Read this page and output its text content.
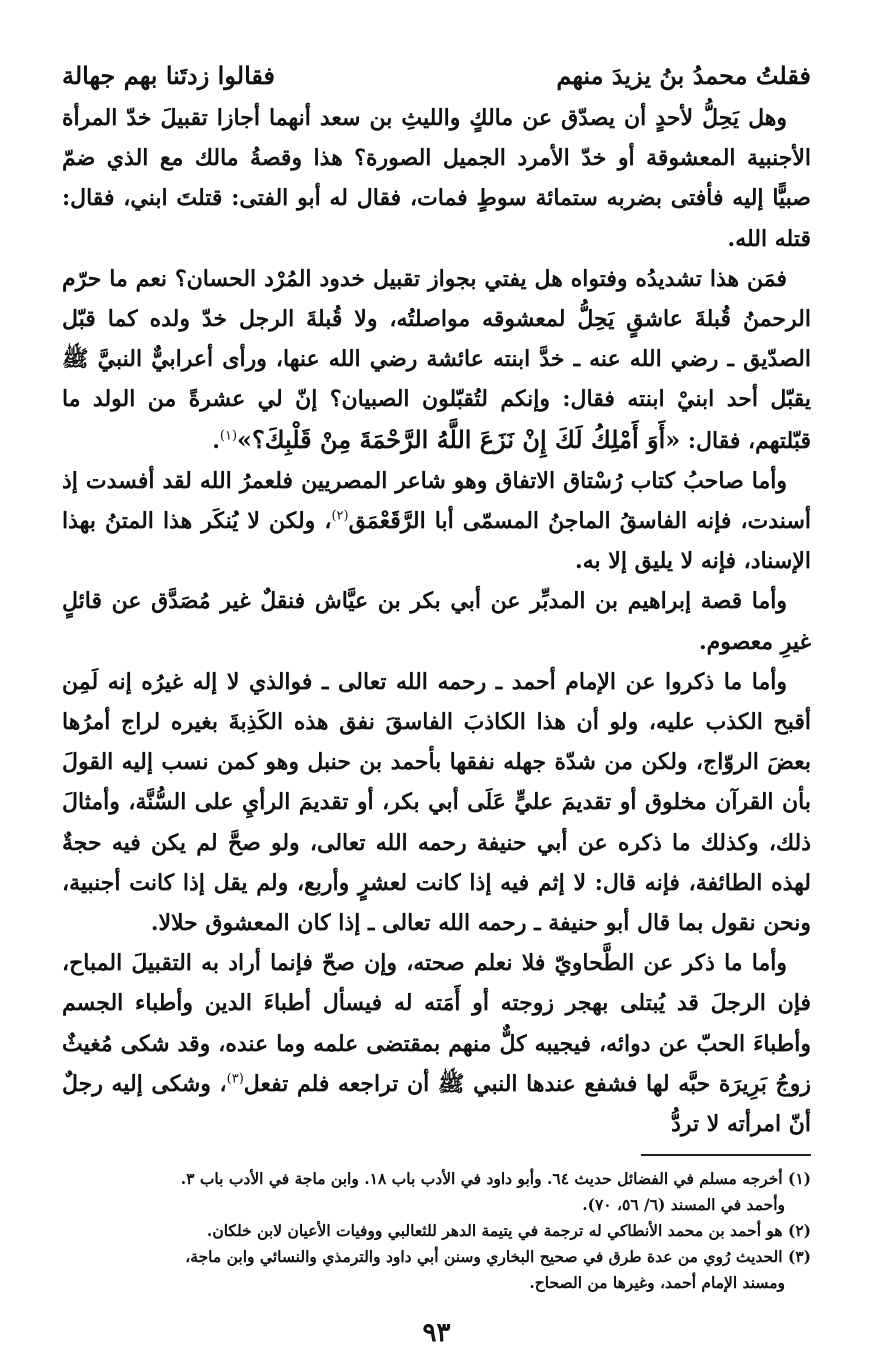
فقلتُ محمدُ بنُ يزيدَ منهم
فقالوا زدتَنا بهم جهالة

وهل يَحِلُّ لأحدٍ أن يصدّق عن مالكٍ والليثِ بن سعد أنهما أجازا تقبيلَ خدّ المرأة الأجنبية المعشوقة أو خدّ الأمرد الجميل الصورة؟ هذا وقصةُ مالك مع الذي ضمّ صبيًّا إليه فأفتى بضربه ستمائة سوطٍ فمات، فقال له أبو الفتى: قتلتَ ابني، فقال: قتله الله.

فمَن هذا تشديدُه وفتواه هل يفتي بجواز تقبيل خدود المُرْد الحسان؟ نعم ما حرّم الرحمنُ قُبلةَ عاشقٍ يَحِلُّ لمعشوقه مواصلتُه، ولا قُبلةَ الرجل خدّ ولده كما قبّل الصدّيق ـ رضي الله عنه ـ خدَّ ابنته عائشة رضي الله عنها، ورأى أعرابيٌّ النبيَّ ﷺ يقبّل أحد ابنيْ ابنته فقال: وإنكم لتُقبّلون الصبيان؟ إنّ لي عشرةً من الولد ما قبّلتهم، فقال: «أَوَ أَمْلِكُ لَكَ إِنْ نَزَعَ اللَّهُ الرَّحْمَةَ مِنْ قَلْبِكَ؟»$^{(١)}$.

وأما صاحبُ كتاب رُسْتاق الاتفاق وهو شاعر المصريين فلعمرُ الله لقد أفسدت إذ أسندت، فإنه الفاسقُ الماجنُ المسمّى أبا الرَّقَعْمَق$^{(٢)}$، ولكن لا يُنكَر هذا المتنُ بهذا الإسناد، فإنه لا يليق إلا به.

وأما قصة إبراهيم بن المدبِّر عن أبي بكر بن عيَّاش فنقلٌ غير مُصَدَّق عن قائلٍ غيرِ معصوم.

وأما ما ذكروا عن الإمام أحمد ـ رحمه الله تعالى ـ فوالذي لا إله غيرُه إنه لَمِن أقبح الكذب عليه، ولو أن هذا الكاذبَ الفاسقَ نفق هذه الكَذِبةَ بغيره لراج أمرُها بعضَ الروّاج، ولكن من شدّة جهله نفقها بأحمد بن حنبل وهو كمن نسب إليه القولَ بأن القرآن مخلوق أو تقديمَ عليٍّ عَلَى أبي بكر، أو تقديمَ الرأيِ على السُّنَّة، وأمثالَ ذلك، وكذلك ما ذكره عن أبي حنيفة رحمه الله تعالى، ولو صحَّ لم يكن فيه حجةٌ لهذه الطائفة، فإنه قال: لا إثم فيه إذا كانت لعشرٍ وأربع، ولم يقل إذا كانت أجنبية، ونحن نقول بما قال أبو حنيفة ـ رحمه الله تعالى ـ إذا كان المعشوق حلالا.

وأما ما ذكر عن الطَّحاويّ فلا نعلم صحته، وإن صحّ فإنما أراد به التقبيلَ المباح، فإن الرجلَ قد يُبتلى بهجر زوجته أو أَمَته له فيسأل أطباءَ الدين وأطباء الجسم وأطباءَ الحبّ عن دوائه، فيجيبه كلٌّ منهم بمقتضى علمه وما عنده، وقد شكى مُغيثٌ زوجُ بَرِيرَة حبَّه لها فشفع عندها النبي ﷺ أن تراجعه فلم تفعل$^{(٣)}$، وشكى إليه رجلٌ أنّ امرأته لا تردُّ

(١) أخرجه مسلم في الفضائل حديث ٦٤. وأبو داود في الأدب باب ١٨. وابن ماجة في الأدب باب ٣.

وأحمد في المسند (٦/ ٥٦، ٧٠).

(٢) هو أحمد بن محمد الأنطاكي له ترجمة في يتيمة الدهر للثعالبي ووفيات الأعيان لابن خلكان.

(٣) الحديث رُوي من عدة طرق في صحيح البخاري وسنن أبي داود والترمذي والنسائي وابن ماجة،

ومسند الإمام أحمد، وغيرها من الصحاح.

٩٣
